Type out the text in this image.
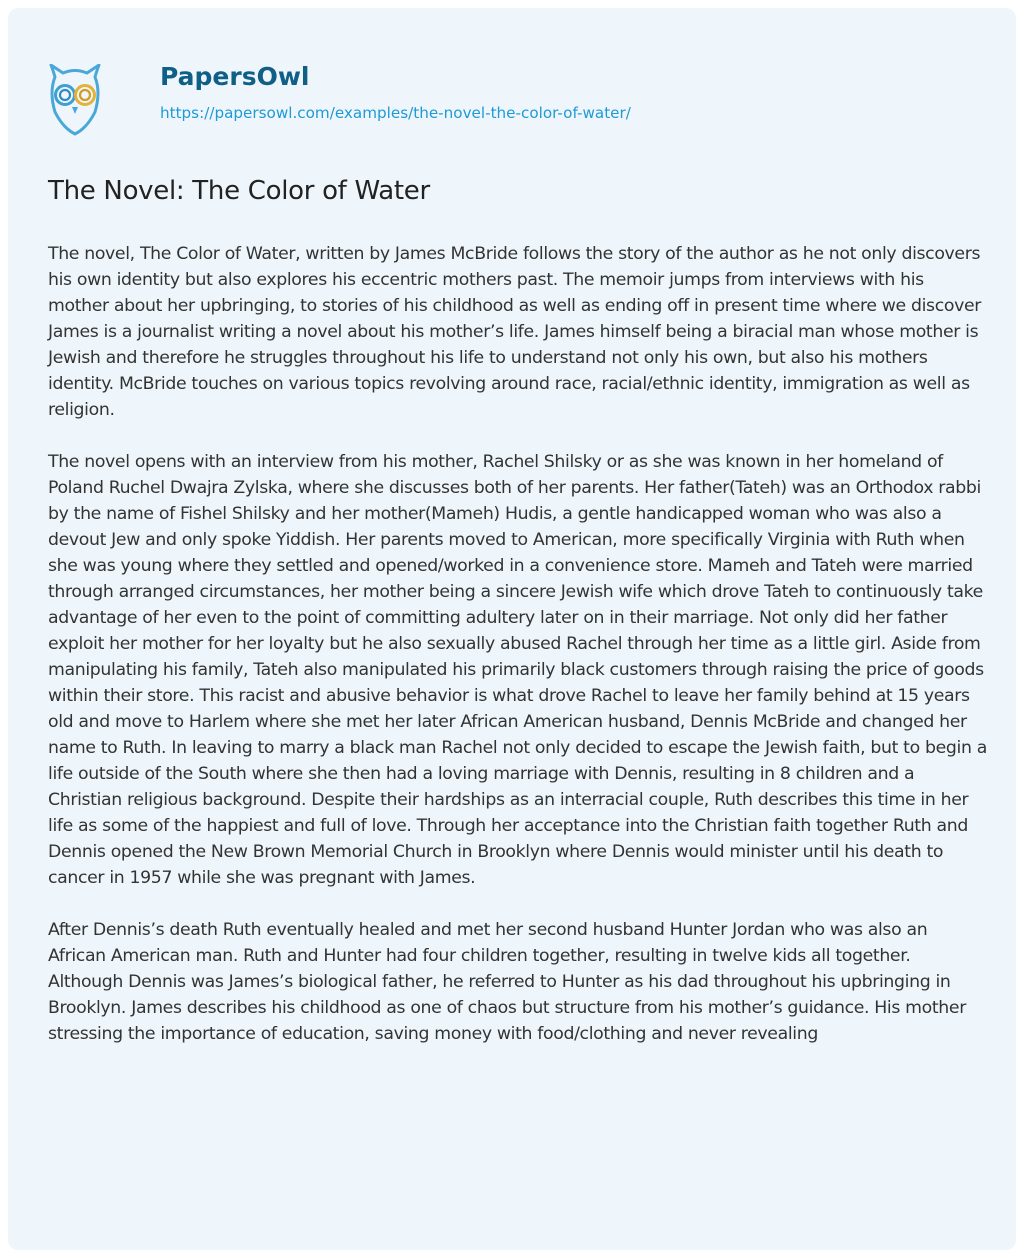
PapersOwl
https://papersowl.com/examples/the-novel-the-color-of-water/
The Novel: The Color of Water

The novel, The Color of Water, written by James McBride follows the story of the author as he not only discovers his own identity but also explores his eccentric mothers past. The memoir jumps from interviews with his mother about her upbringing, to stories of his childhood as well as ending off in present time where we discover James is a journalist writing a novel about his mother’s life. James himself being a biracial man whose mother is Jewish and therefore he struggles throughout his life to understand not only his own, but also his mothers identity. McBride touches on various topics revolving around race, racial/ethnic identity, immigration as well as religion.

The novel opens with an interview from his mother, Rachel Shilsky or as she was known in her homeland of Poland Ruchel Dwajra Zylska, where she discusses both of her parents. Her father(Tateh) was an Orthodox rabbi by the name of Fishel Shilsky and her mother(Mameh) Hudis, a gentle handicapped woman who was also a devout Jew and only spoke Yiddish. Her parents moved to American, more specifically Virginia with Ruth when she was young where they settled and opened/worked in a convenience store. Mameh and Tateh were married through arranged circumstances, her mother being a sincere Jewish wife which drove Tateh to continuously take advantage of her even to the point of committing adultery later on in their marriage. Not only did her father exploit her mother for her loyalty but he also sexually abused Rachel through her time as a little girl. Aside from manipulating his family, Tateh also manipulated his primarily black customers through raising the price of goods within their store. This racist and abusive behavior is what drove Rachel to leave her family behind at 15 years old and move to Harlem where she met her later African American husband, Dennis McBride and changed her name to Ruth. In leaving to marry a black man Rachel not only decided to escape the Jewish faith, but to begin a life outside of the South where she then had a loving marriage with Dennis, resulting in 8 children and a Christian religious background. Despite their hardships as an interracial couple, Ruth describes this time in her life as some of the happiest and full of love. Through her acceptance into the Christian faith together Ruth and Dennis opened the New Brown Memorial Church in Brooklyn where Dennis would minister until his death to cancer in 1957 while she was pregnant with James.

After Dennis’s death Ruth eventually healed and met her second husband Hunter Jordan who was also an African American man. Ruth and Hunter had four children together, resulting in twelve kids all together. Although Dennis was James’s biological father, he referred to Hunter as his dad throughout his upbringing in Brooklyn. James describes his childhood as one of chaos but structure from his mother’s guidance. His mother stressing the importance of education, saving money with food/clothing and never revealing
